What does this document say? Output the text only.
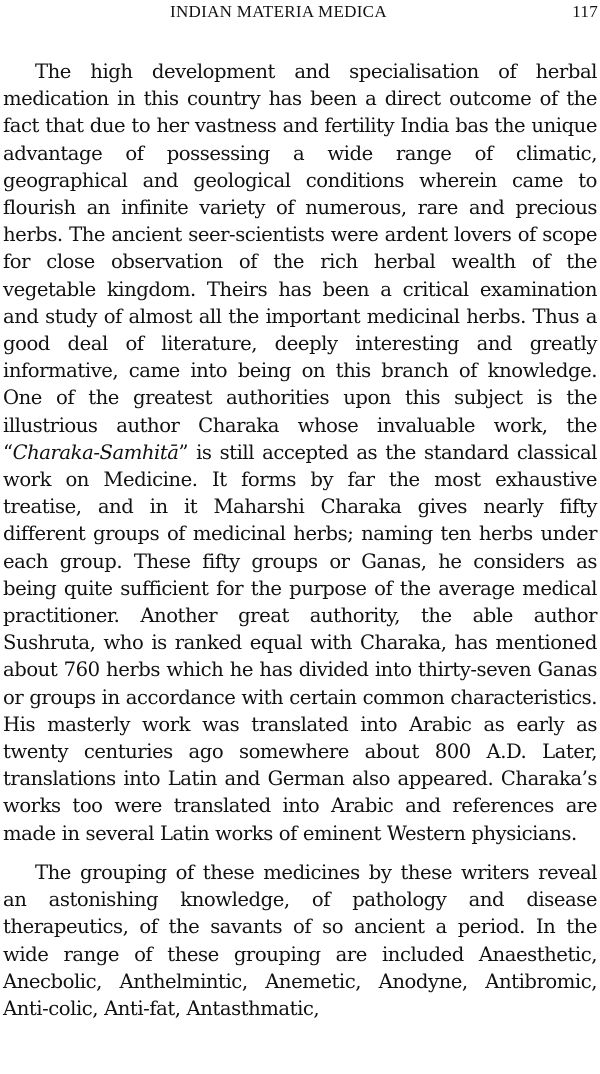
INDIAN MATERIA MEDICA	117

The high development and specialisation of herbal medication in this country has been a direct outcome of the fact that due to her vastness and fertility India bas the unique advantage of possessing a wide range of climatic, geographical and geological conditions wherein came to flourish an infinite variety of numerous, rare and precious herbs. The ancient seer-scientists were ardent lovers of scope for close observation of the rich herbal wealth of the vegetable kingdom. Theirs has been a critical examination and study of almost all the important medicinal herbs. Thus a good deal of literature, deeply interesting and greatly informative, came into being on this branch of knowledge. One of the greatest authorities upon this subject is the illustrious author Charaka whose invaluable work, the “Charaka-Samhitā” is still accepted as the standard classical work on Medicine. It forms by far the most exhaustive treatise, and in it Maharshi Charaka gives nearly fifty different groups of medicinal herbs; naming ten herbs under each group. These fifty groups or Ganas, he considers as being quite sufficient for the purpose of the average medical practitioner. Another great authority, the able author Sushruta, who is ranked equal with Charaka, has mentioned about 760 herbs which he has divided into thirty-seven Ganas or groups in accordance with certain common characteristics. His masterly work was translated into Arabic as early as twenty centuries ago somewhere about 800 A.D. Later, translations into Latin and German also appeared. Charaka’s works too were translated into Arabic and references are made in several Latin works of eminent Western physicians.

The grouping of these medicines by these writers reveal an astonishing knowledge, of pathology and disease therapeutics, of the savants of so ancient a period. In the wide range of these grouping are included Anaesthetic, Anecbolic, Anthelmintic, Anemetic, Anodyne, Antibromic, Anti-colic, Anti-fat, Antasthmatic,
